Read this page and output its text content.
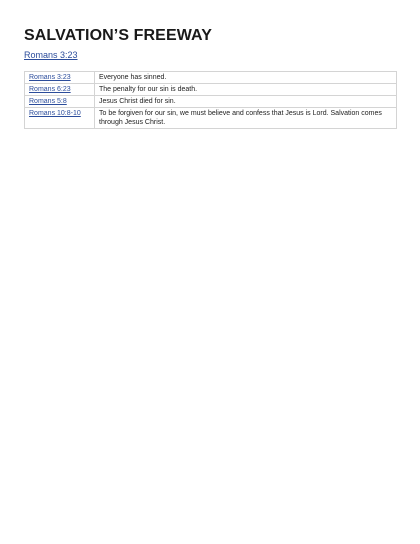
SALVATION’S FREEWAY
Romans 3:23
Romans 3:23	Everyone has sinned.
Romans 6:23	The penalty for our sin is death.
Romans 5:8	Jesus Christ died for sin.
Romans 10:8-10	To be forgiven for our sin, we must believe and confess that Jesus is Lord. Salvation comes through Jesus Christ.
